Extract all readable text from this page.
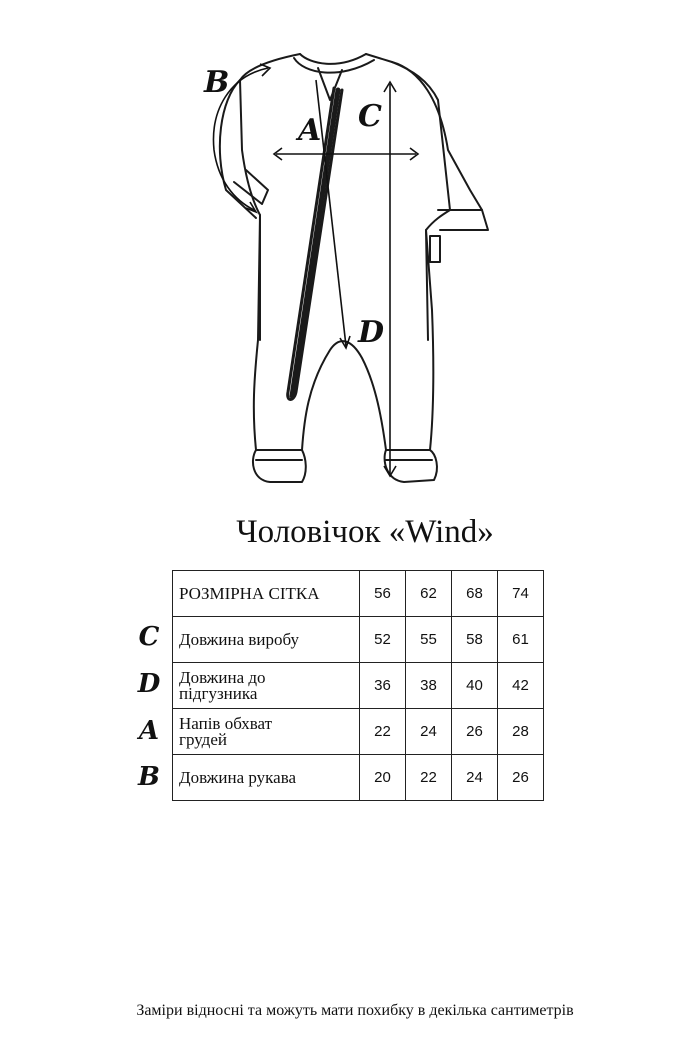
A
B
C
D
Чоловічок «Wind»
C
D
A
B
РОЗМІРНА СІТКА	56	62	68	74
Довжина виробу	52	55	58	61

Довжина до
підгузника	36	38	40	42

Напів обхват
грудей	22	24	26	28
Довжина рукава	20	22	24	26
Заміри відносні та можуть мати похибку в декілька сантиметрів
